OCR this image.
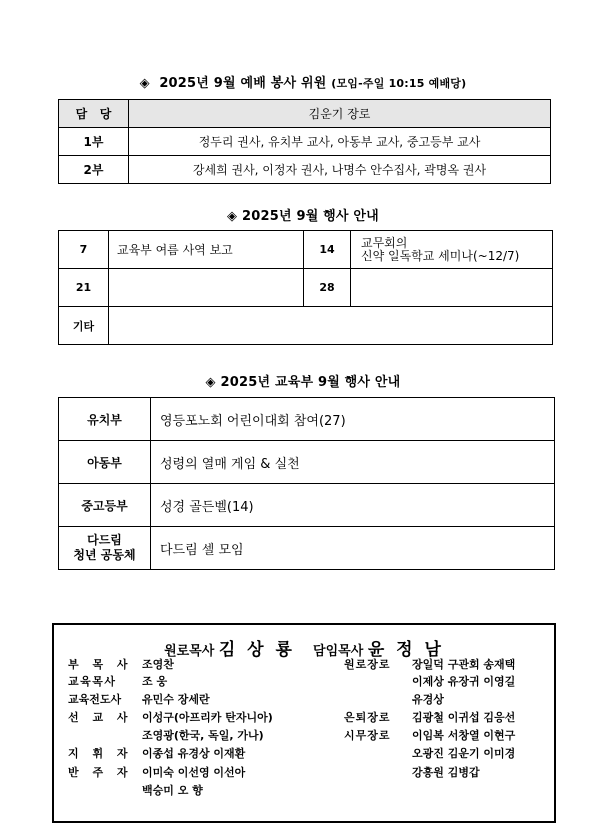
◈ 2025년 9월 예배 봉사 위원 (모임-주일 10:15 예배당)
담   당	김운기 장로
1부	정두리 권사, 유치부 교사, 아동부 교사, 중고등부 교사
2부	강세희 권사, 이정자 권사, 나명수 안수집사, 곽명옥 권사
◈ 2025년 9월 행사 안내
7	교육부 여름 사역 보고	14	교무회의
신약 일독학교 세미나(~12/7)

21		28	
기타			
◈ 2025년 교육부 9월 행사 안내
유치부	영등포노회 어린이대회 참여(27)
아동부	성령의 열매 게임 & 실천
중고등부	성경 골든벨(14)

다드림
청년 공동체	다드림 셀 모임
원로목사 김 상 룡 담임목사 윤 정 남
부 목 사 조영찬
교육목사 조 웅
교육전도사 유민수 장세란
선 교 사 이성구(아프리카 탄자니아)
조영광(한국, 독일, 가나)
지 휘 자 이종섭 유경상 이재환
반 주 자 이미숙 이선영 이선아
백승미 오 향
원로장로 장일덕 구관회 송재택
이제상 유장귀 이영길
유경상
은퇴장로 김광철 이귀섭 김응선
시무장로 이임복 서창열 이현구
오광진 김운기 이미경
강흥원 김병갑
